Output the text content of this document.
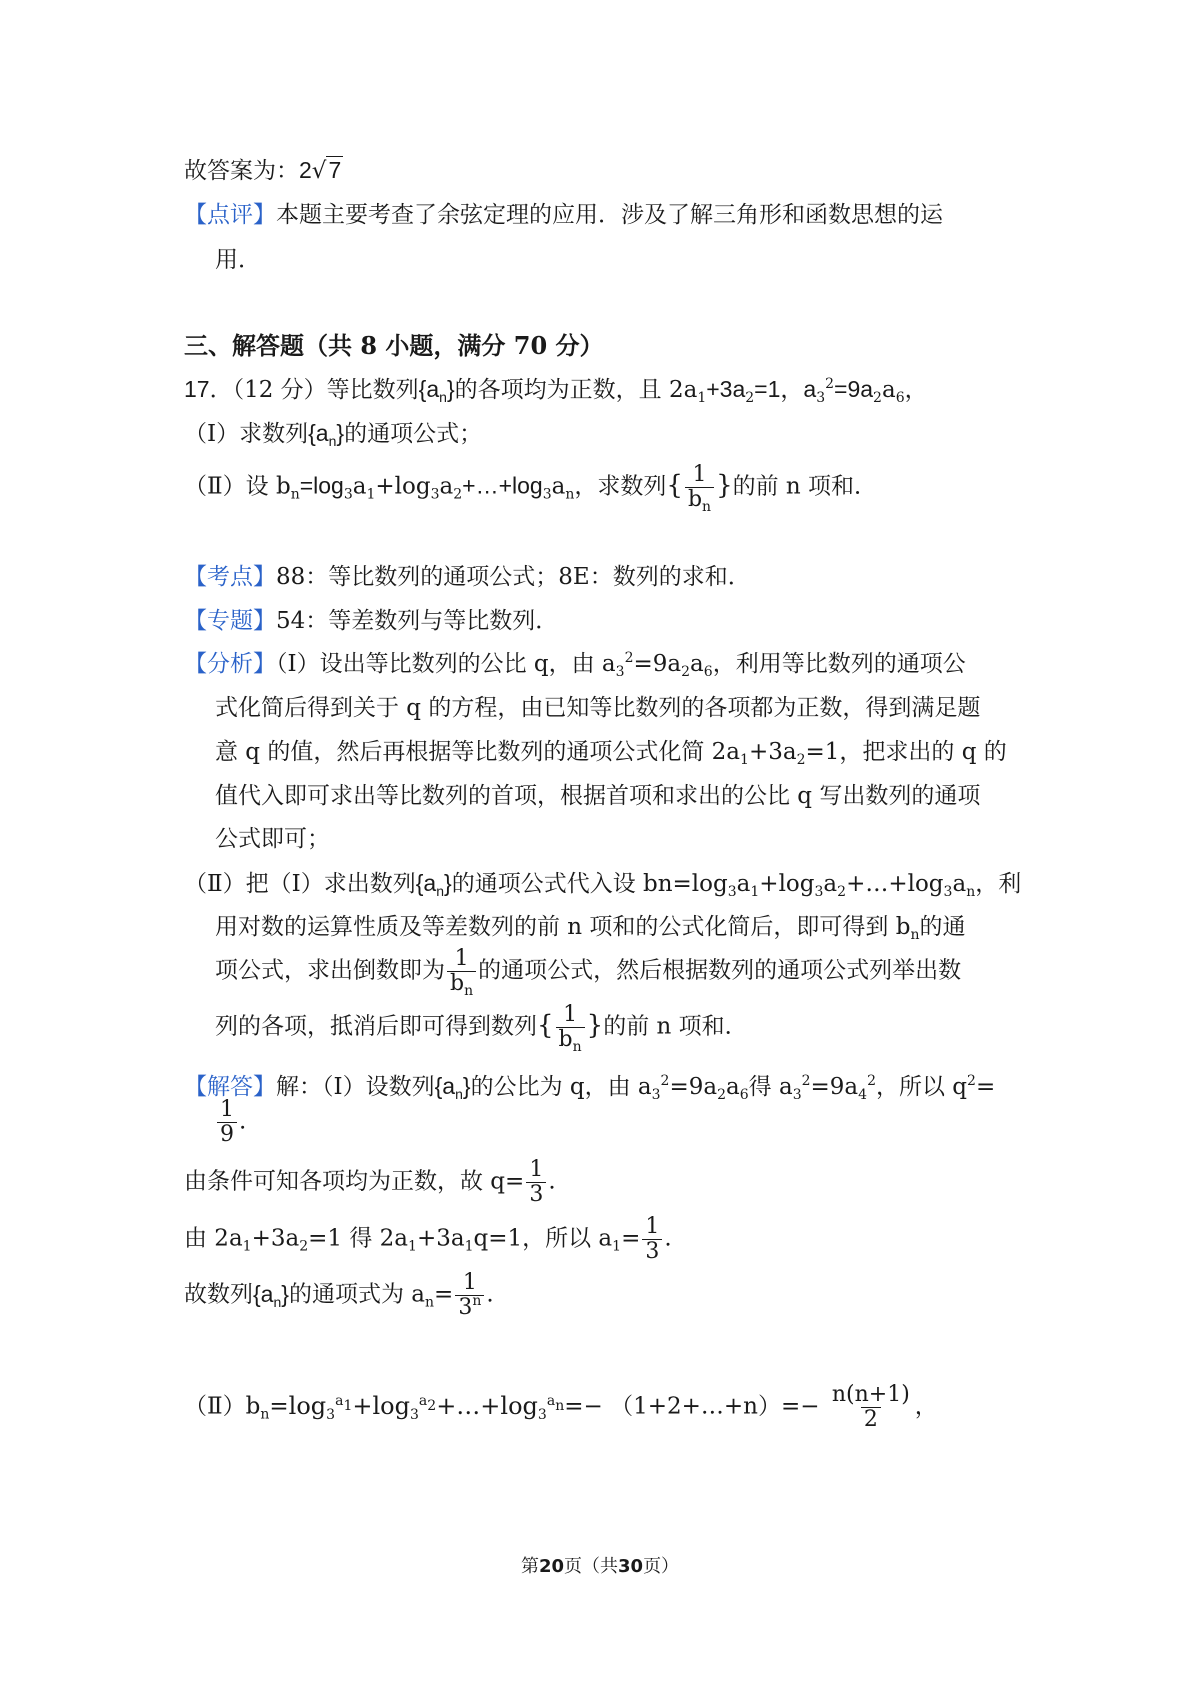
故答案为：2√7
【点评】本题主要考查了余弦定理的应用．涉及了解三角形和函数思想的运
用．
三、解答题（共 8 小题，满分 70 分）
17．（12 分）等比数列$\{a_n\}$的各项均为正数，且 $2a_1+3a_2=1$，$a_3^2=9a_2a_6$，
（Ⅰ）求数列$\{a_n\}$的通项公式；
（Ⅱ）设 $b_n=\log_3a_1+\log_3a_2+\dots+\log_3a_n$，求数列{ $\frac{1}{b_n}$ }的前 n 项和．
【考点】88：等比数列的通项公式；8E：数列的求和．
【专题】54：等差数列与等比数列．
【分析】（Ⅰ）设出等比数列的公比 q，由 $a_3^2=9a_2a_6$，利用等比数列的通项公
式化简后得到关于 q 的方程，由已知等比数列的各项都为正数，得到满足题
意 q 的值，然后再根据等比数列的通项公式化简 $2a_1+3a_2=1$，把求出的 q 的
值代入即可求出等比数列的首项，根据首项和求出的公比 q 写出数列的通项
公式即可；
（Ⅱ）把（Ⅰ）求出数列$\{a_n\}$的通项公式代入设 $bn=\log_3a_1+\log_3a_2+\dots+\log_3a_n$，利
用对数的运算性质及等差数列的前 n 项和的公式化简后，即可得到 $b_n$的通
项公式，求出倒数即为 $\frac{1}{b_n}$ 的通项公式，然后根据数列的通项公式列举出数
列的各项，抵消后即可得到数列{ $\frac{1}{b_n}$ }的前 n 项和．
【解答】解：（Ⅰ）设数列$\{a_n\}$的公比为 q，由 $a_3^2=9a_2a_6$得 $a_3^2=9a_4^2$，所以 $q^2=$
$\frac{1}{9}$ .
由条件可知各项均为正数，故 $q= \frac{1}{3}$ .
由 $2a_1+3a_2=1$ 得 $2a_1+3a_1q=1$，所以 $a_1= \frac{1}{3}$ .
故数列$\{a_n\}$的通项式为 $a_n= \frac{1}{3^n}$ .
$(Ⅱ)b_n=\log_3^{a_1}+\log_3^{a_2}+\dots+\log_3^{a_n}=-$ （1+2+…+n）=− $\frac{n(n+1)}{2}$ ，
第20页（共30页）
